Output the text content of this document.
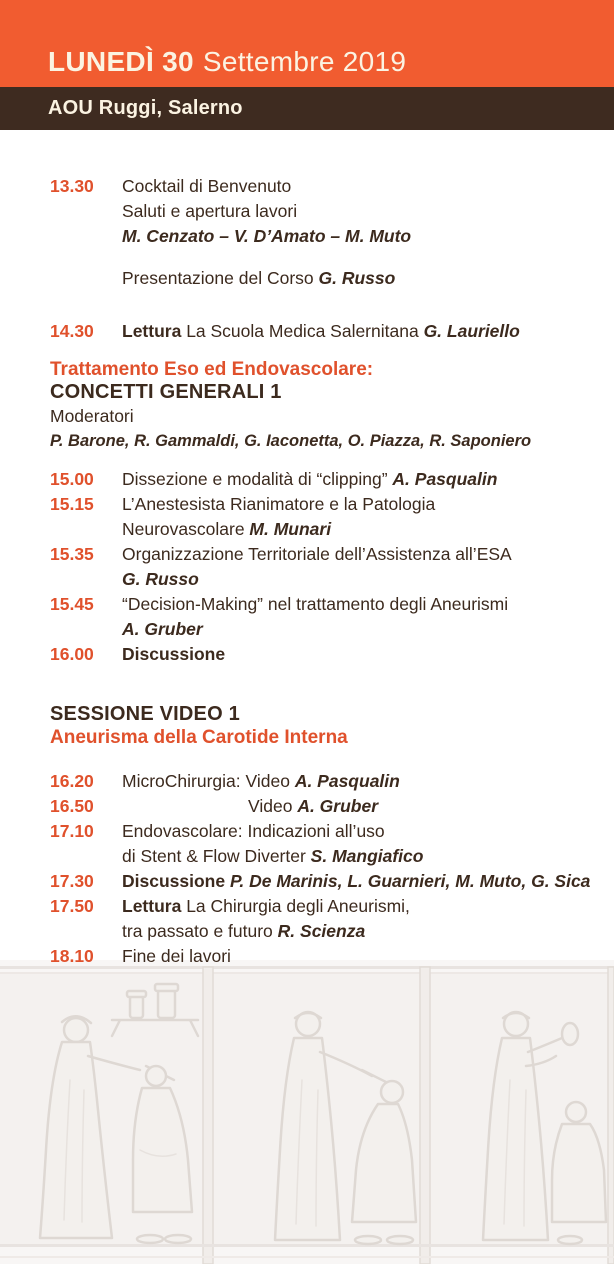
LUNEDÌ 30 Settembre 2019
AOU Ruggi, Salerno
13.30	Cocktail di Benvenuto
Saluti e apertura lavori
M. Cenzato – V. D’Amato – M. Muto
Presentazione del Corso G. Russo
14.30	Lettura La Scuola Medica Salernitana G. Lauriello
Trattamento Eso ed Endovascolare:
CONCETTI GENERALI 1
Moderatori
P. Barone, R. Gammaldi, G. Iaconetta, O. Piazza, R. Saponiero
15.00	Dissezione e modalità di “clipping” A. Pasqualin
15.15	L’Anestesista Rianimatore e la Patologia
Neurovascolare M. Munari
15.35	Organizzazione Territoriale dell’Assistenza all’ESA
G. Russo
15.45	“Decision-Making” nel trattamento degli Aneurismi
A. Gruber
16.00	Discussione
SESSIONE VIDEO 1
Aneurisma della Carotide Interna
16.20	MicroChirurgia: Video A. Pasqualin
16.50	Video A. Gruber
17.10	Endovascolare: Indicazioni all’uso
di Stent & Flow Diverter S. Mangiafico
17.30	Discussione P. De Marinis, L. Guarnieri, M. Muto, G. Sica
17.50	Lettura La Chirurgia degli Aneurismi,
tra passato e futuro R. Scienza
18.10	Fine dei lavori
